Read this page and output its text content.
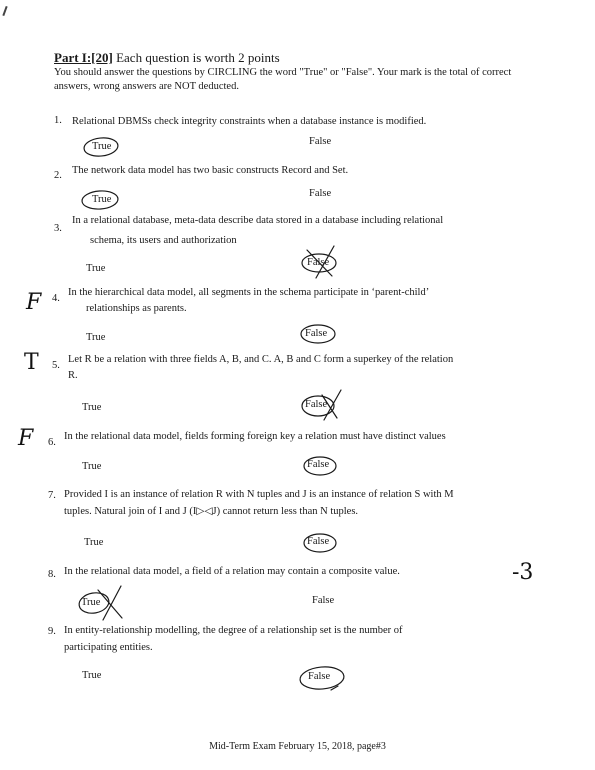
Part I:[20] Each question is worth 2 points
You should answer the questions by CIRCLING the word "True" or "False". Your mark is the total of correct answers, wrong answers are NOT deducted.
1. Relational DBMSs check integrity constraints when a database instance is modified.
True	False
2. The network data model has two basic constructs Record and Set.
True
False
3.
In a relational database, meta-data describe data stored in a database including relational
schema, its users and authorization
True
False
4.
In the hierarchical data model, all segments in the schema participate in ‘parent-child’
relationships as parents.
True	False
5.
Let R be a relation with three fields A, B, and C. A, B and C form a superkey of the relation
R.
True	False
6.
In the relational data model, fields forming foreign key a relation must have distinct values
True	False
7. Provided I is an instance of relation R with N tuples and J is an instance of relation S with M
tuples. Natural join of I and J (I▷◁J) cannot return less than N tuples.
True	False
8. In the relational data model, a field of a relation may contain a composite value.
True	False
9. In entity-relationship modelling, the degree of a relationship set is the number of
participating entities.
True	False
F
T
F
-3
Mid-Term Exam February 15, 2018, page#3
